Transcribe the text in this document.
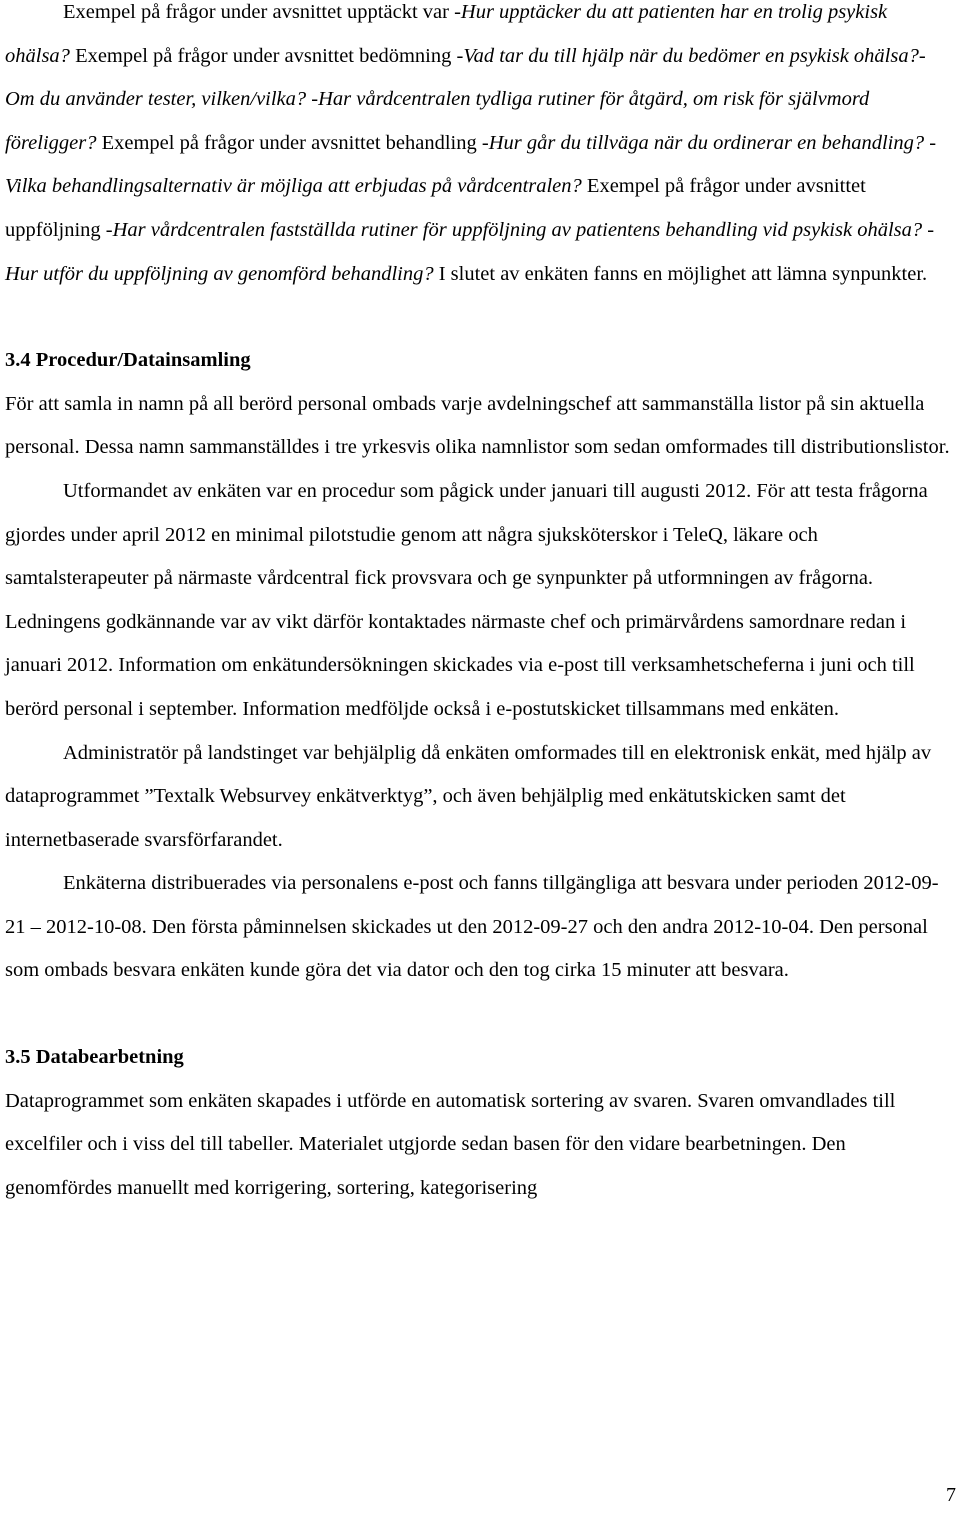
Exempel på frågor under avsnittet upptäckt var -Hur upptäcker du att patienten har en trolig psykisk ohälsa? Exempel på frågor under avsnittet bedömning -Vad tar du till hjälp när du bedömer en psykisk ohälsa?-Om du använder tester, vilken/vilka? -Har vårdcentralen tydliga rutiner för åtgärd, om risk för självmord föreligger? Exempel på frågor under avsnittet behandling -Hur går du tillväga när du ordinerar en behandling? -Vilka behandlingsalternativ är möjliga att erbjudas på vårdcentralen? Exempel på frågor under avsnittet uppföljning -Har vårdcentralen fastställda rutiner för uppföljning av patientens behandling vid psykisk ohälsa? -Hur utför du uppföljning av genomförd behandling? I slutet av enkäten fanns en möjlighet att lämna synpunkter.

3.4 Procedur/Datainsamling

För att samla in namn på all berörd personal ombads varje avdelningschef att sammanställa listor på sin aktuella personal. Dessa namn sammanställdes i tre yrkesvis olika namnlistor som sedan omformades till distributionslistor.

Utformandet av enkäten var en procedur som pågick under januari till augusti 2012. För att testa frågorna gjordes under april 2012 en minimal pilotstudie genom att några sjuksköterskor i TeleQ, läkare och samtalsterapeuter på närmaste vårdcentral fick provsvara och ge synpunkter på utformningen av frågorna. Ledningens godkännande var av vikt därför kontaktades närmaste chef och primärvårdens samordnare redan i januari 2012. Information om enkätundersökningen skickades via e-post till verksamhetscheferna i juni och till berörd personal i september. Information medföljde också i e-postutskicket tillsammans med enkäten.

Administratör på landstinget var behjälplig då enkäten omformades till en elektronisk enkät, med hjälp av dataprogrammet ”Textalk Websurvey enkätverktyg”, och även behjälplig med enkätutskicken samt det internetbaserade svarsförfarandet.

Enkäterna distribuerades via personalens e-post och fanns tillgängliga att besvara under perioden 2012-09-21 – 2012-10-08. Den första påminnelsen skickades ut den 2012-09-27 och den andra 2012-10-04. Den personal som ombads besvara enkäten kunde göra det via dator och den tog cirka 15 minuter att besvara.

3.5 Databearbetning

Dataprogrammet som enkäten skapades i utförde en automatisk sortering av svaren. Svaren omvandlades till excelfiler och i viss del till tabeller. Materialet utgjorde sedan basen för den vidare bearbetningen. Den genomfördes manuellt med korrigering, sortering, kategorisering

7
